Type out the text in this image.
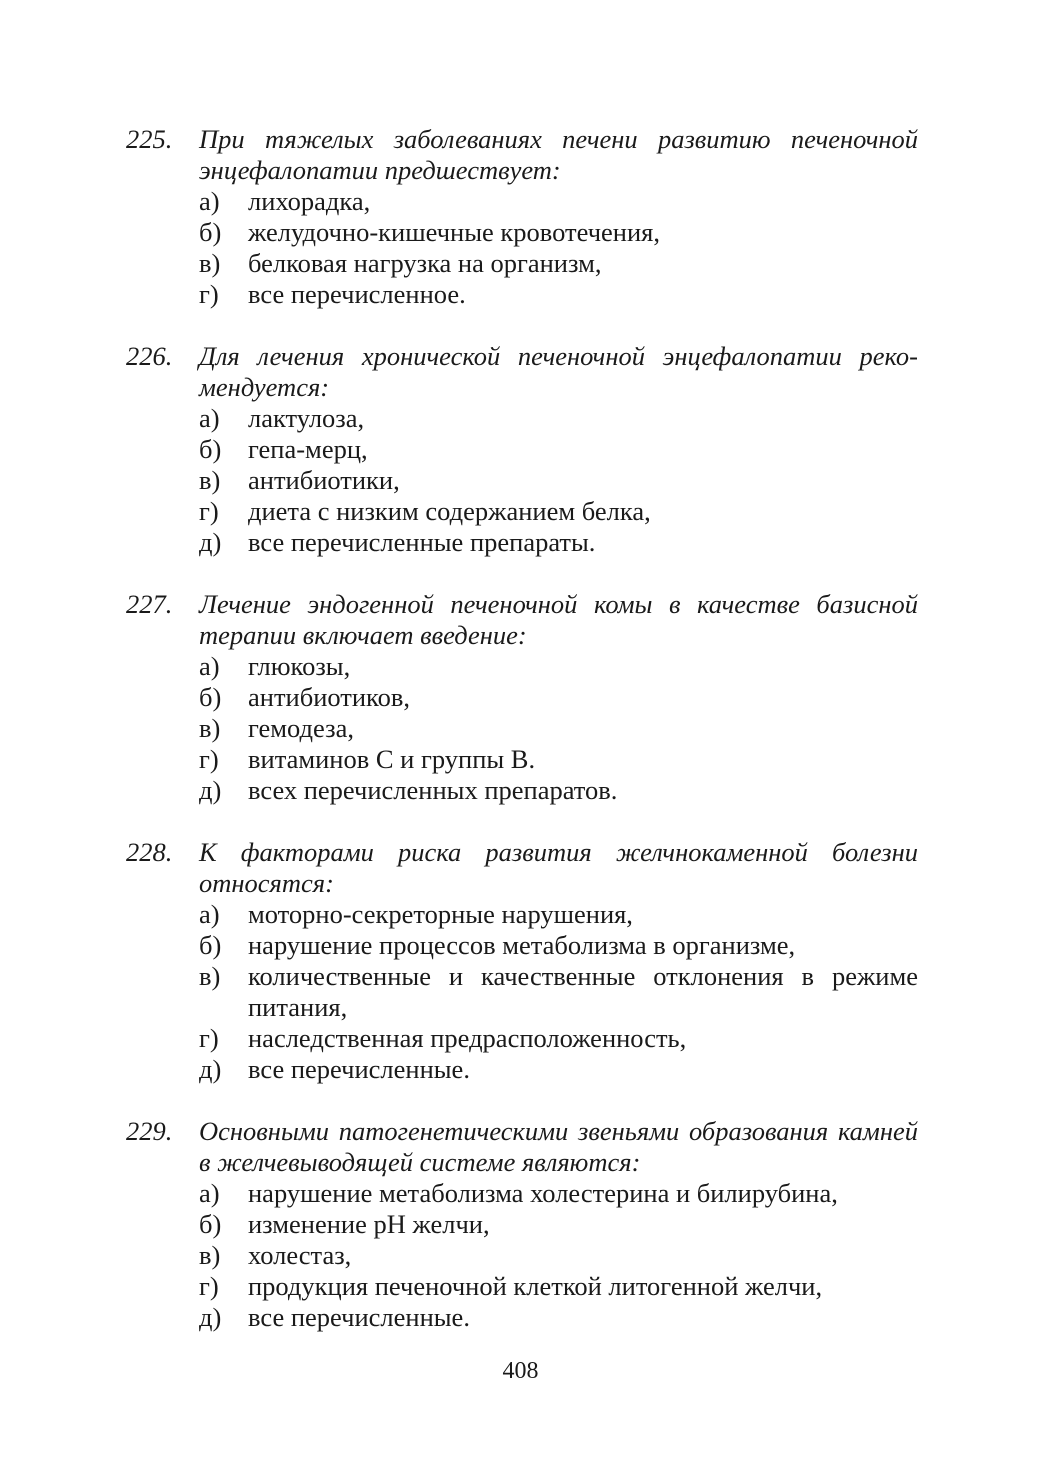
225. При тяжелых заболеваниях печени развитию печеночной энцефалопатии предшествует:
а) лихорадка,
б) желудочно-кишечные кровотечения,
в) белковая нагрузка на организм,
г) все перечисленное.
226. Для лечения хронической печеночной энцефалопатии рекомендуется:
а) лактулоза,
б) гепа-мерц,
в) антибиотики,
г) диета с низким содержанием белка,
д) все перечисленные препараты.
227. Лечение эндогенной печеночной комы в качестве базисной терапии включает введение:
а) глюкозы,
б) антибиотиков,
в) гемодеза,
г) витаминов С и группы В.
д) всех перечисленных препаратов.
228. К факторами риска развития желчнокаменной болезни относятся:
а) моторно-секреторные нарушения,
б) нарушение процессов метаболизма в организме,
в) количественные и качественные отклонения в режиме питания,
г) наследственная предрасположенность,
д) все перечисленные.
229. Основными патогенетическими звеньями образования камней в желчевыводящей системе являются:
а) нарушение метаболизма холестерина и билирубина,
б) изменение рН желчи,
в) холестаз,
г) продукция печеночной клеткой литогенной желчи,
д) все перечисленные.
408
